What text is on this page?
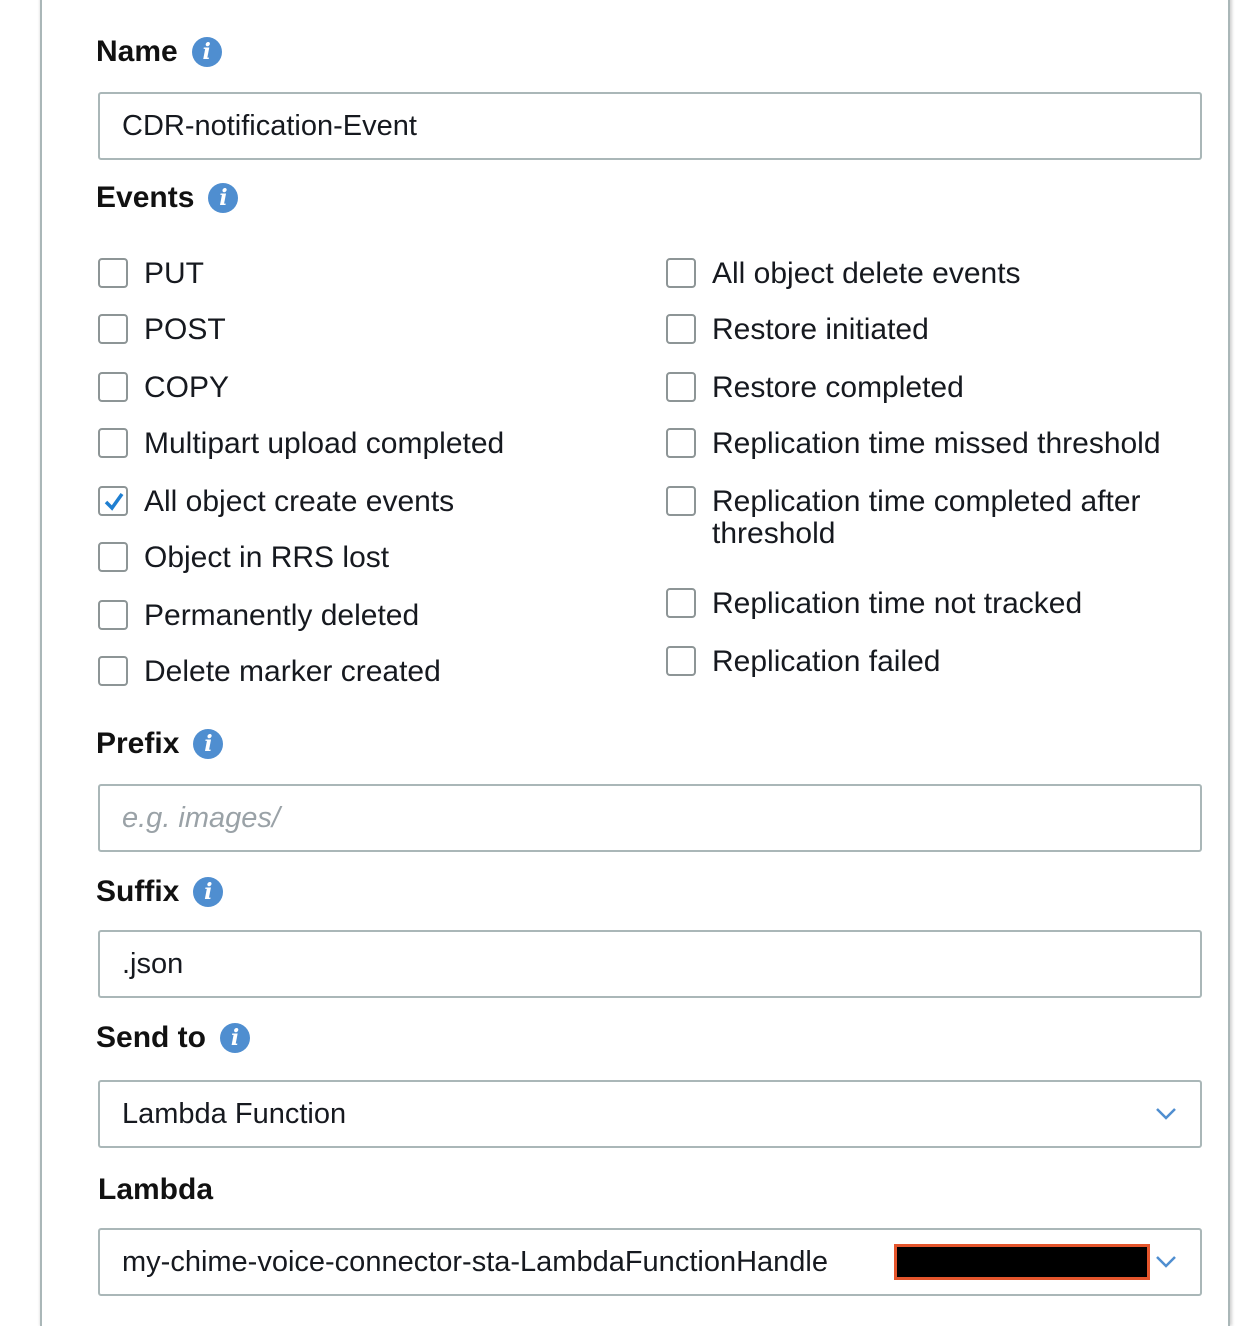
Name	i
CDR-notification-Event
Events	i
PUT
POST
COPY
Multipart upload completed
All object create events
Object in RRS lost
Permanently deleted
Delete marker created
All object delete events
Restore initiated
Restore completed
Replication time missed threshold
Replication time completed after threshold
Replication time not tracked
Replication failed
Prefix	i
e.g. images/
Suffix	i
.json
Send to	i
Lambda Function
Lambda
my-chime-voice-connector-sta-LambdaFunctionHandle
